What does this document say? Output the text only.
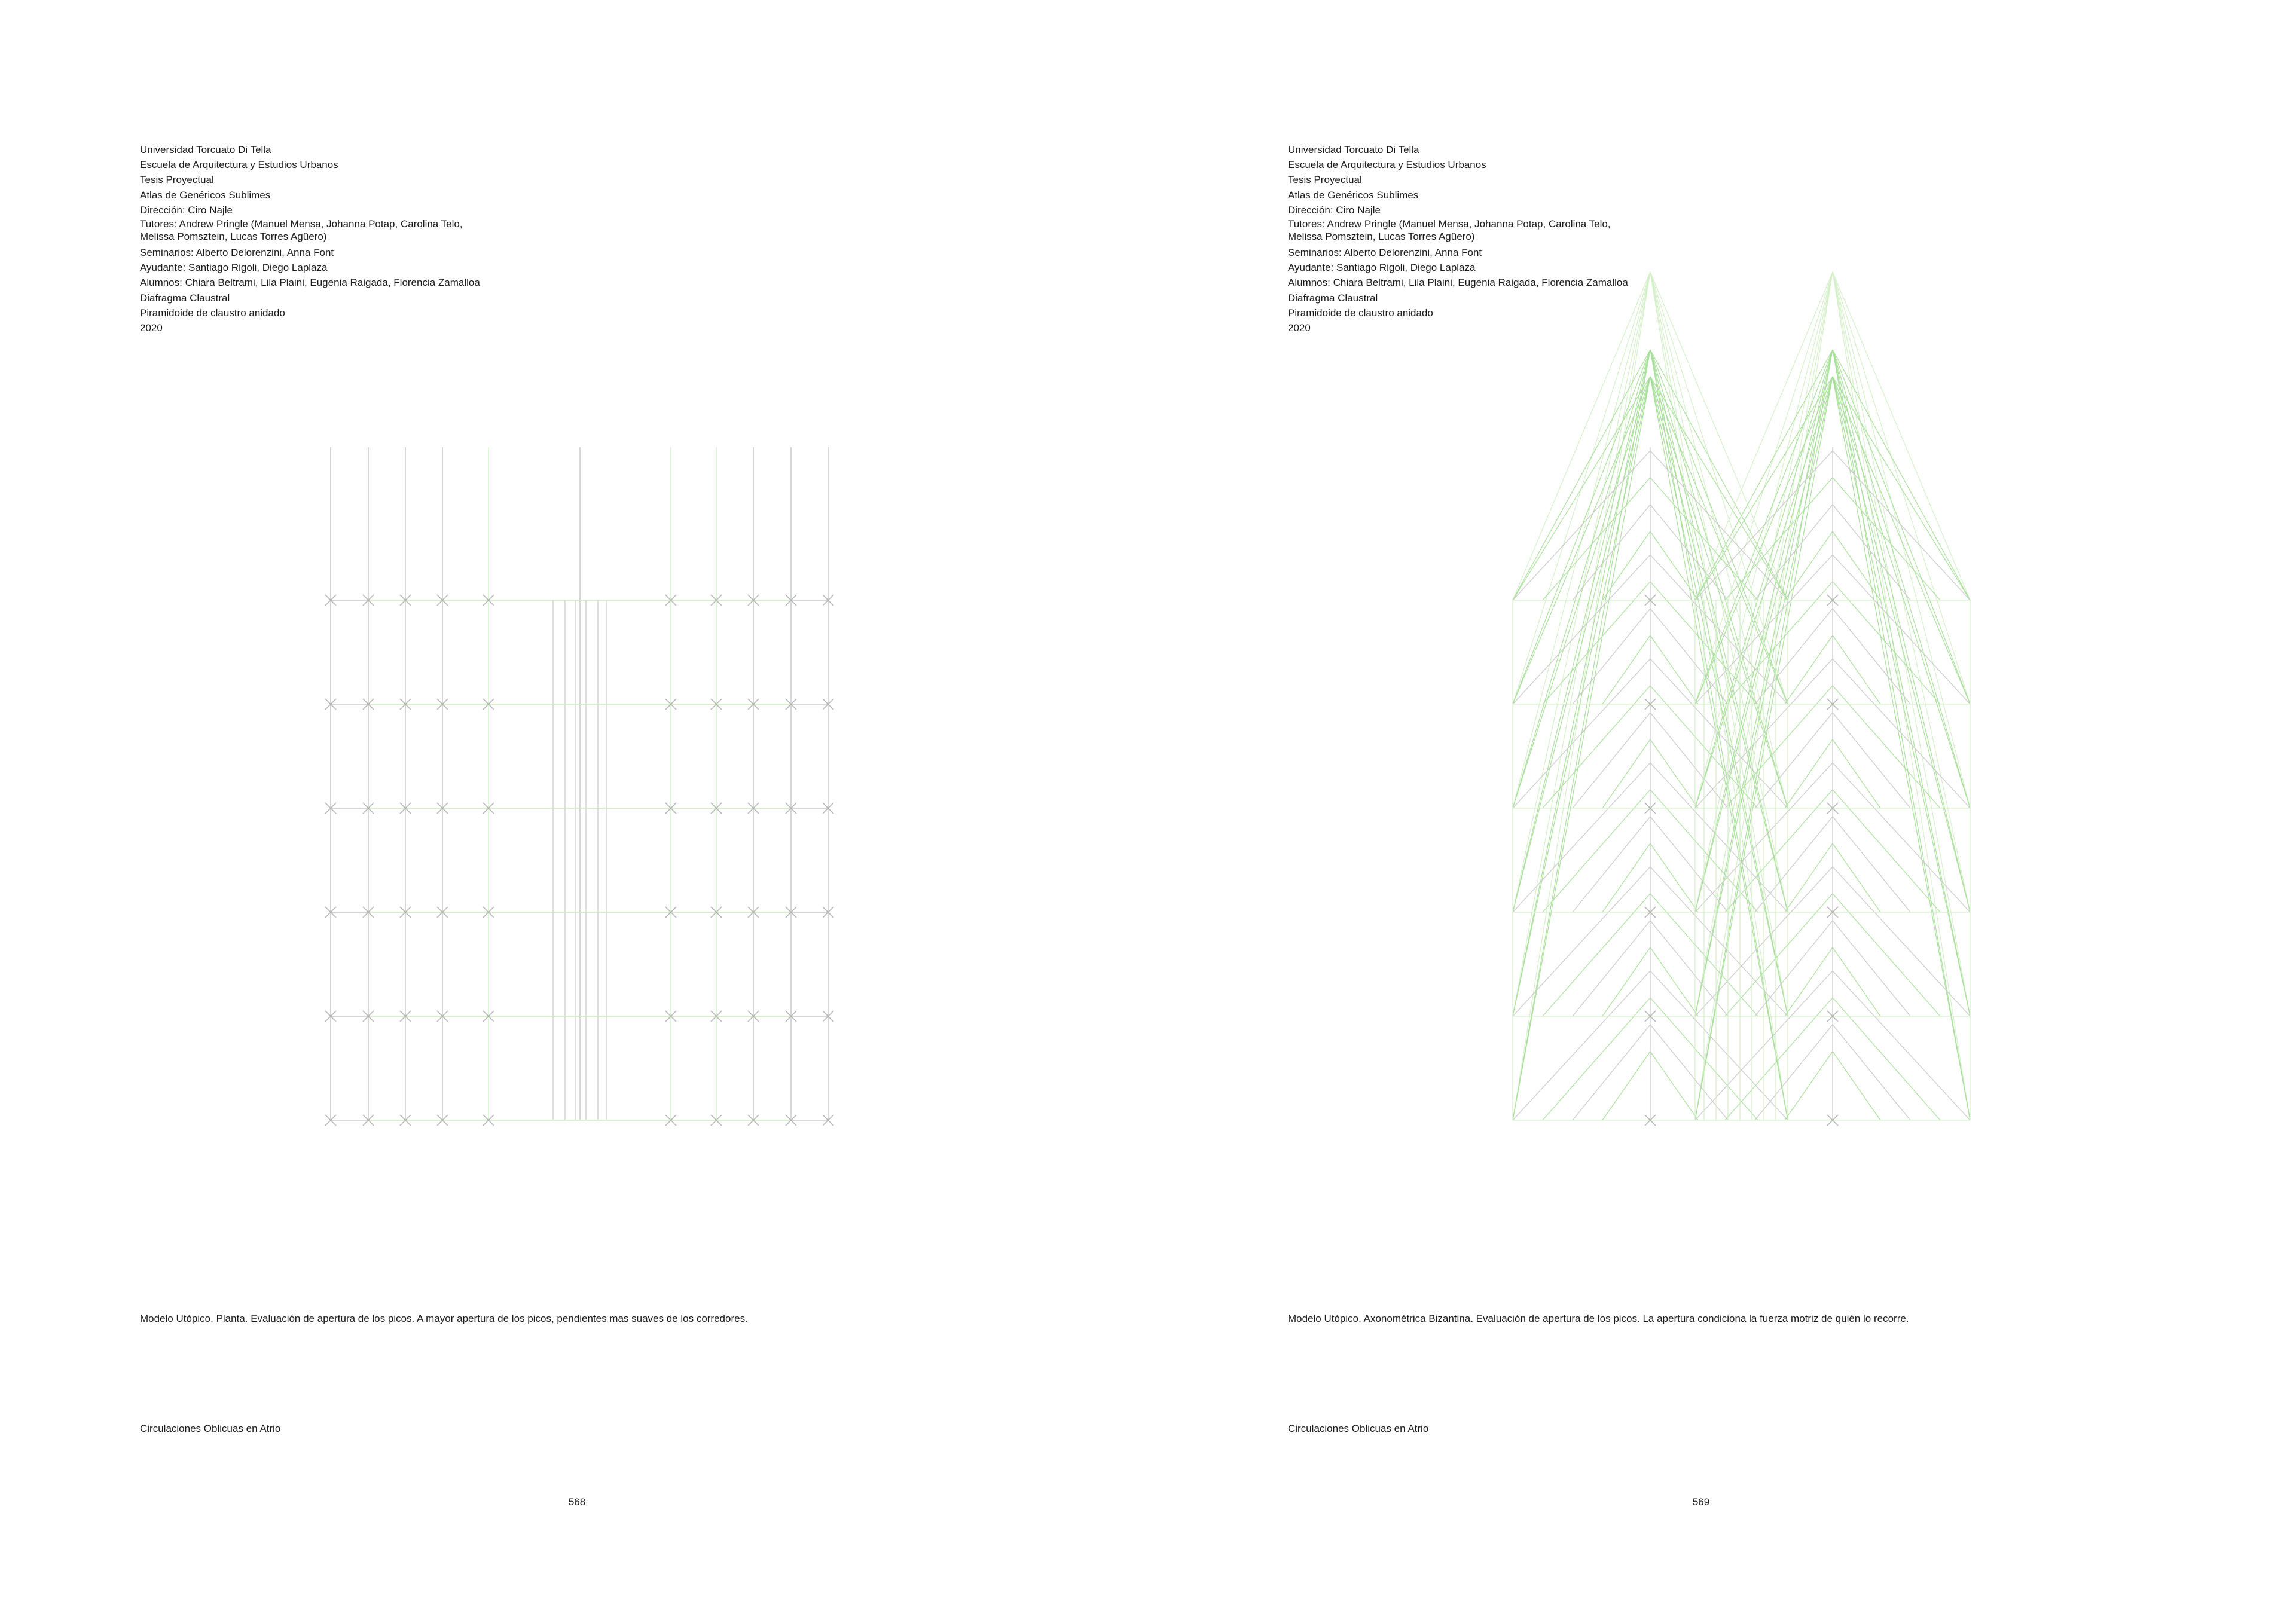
Universidad Torcuato Di Tella
Escuela de Arquitectura y Estudios Urbanos
Tesis Proyectual
Atlas de Genéricos Sublimes
Dirección: Ciro Najle
Tutores: Andrew Pringle (Manuel Mensa, Johanna Potap, Carolina Telo, Melissa Pomsztein, Lucas Torres Agüero)
Seminarios: Alberto Delorenzini, Anna Font
Ayudante: Santiago Rigoli, Diego Laplaza
Alumnos: Chiara Beltrami, Lila Plaini, Eugenia Raigada, Florencia Zamalloa
Diafragma Claustral
Piramidoide de claustro anidado
2020
Modelo Utópico. Planta. Evaluación de apertura de los picos. A mayor apertura de los picos, pendientes mas suaves de los corredores.
Circulaciones Oblicuas en Atrio
568
Universidad Torcuato Di Tella
Escuela de Arquitectura y Estudios Urbanos
Tesis Proyectual
Atlas de Genéricos Sublimes
Dirección: Ciro Najle
Tutores: Andrew Pringle (Manuel Mensa, Johanna Potap, Carolina Telo, Melissa Pomsztein, Lucas Torres Agüero)
Seminarios: Alberto Delorenzini, Anna Font
Ayudante: Santiago Rigoli, Diego Laplaza
Alumnos: Chiara Beltrami, Lila Plaini, Eugenia Raigada, Florencia Zamalloa
Diafragma Claustral
Piramidoide de claustro anidado
2020
Modelo Utópico. Axonométrica Bizantina. Evaluación de apertura de los picos. La apertura condiciona la fuerza motriz de quién lo recorre.
Circulaciones Oblicuas en Atrio
569
